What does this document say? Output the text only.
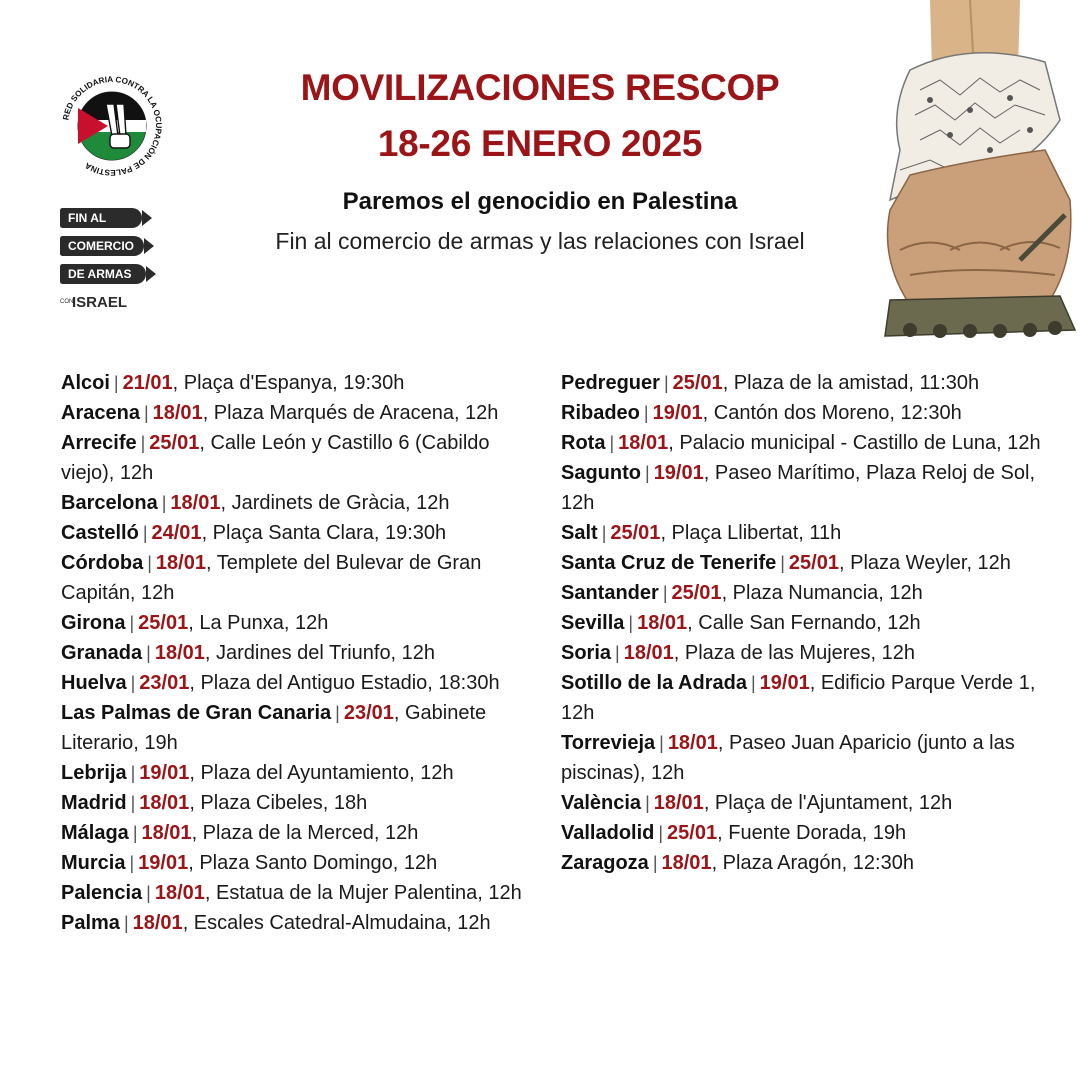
RED SOLIDARIA CONTRA LA OCUPACIÓN DE PALESTINA
FIN AL
COMERCIO
DE ARMAS
CON
ISRAEL
MOVILIZACIONES RESCOP
18-26 ENERO 2025
Paremos el genocidio en Palestina
Fin al comercio de armas y las relaciones con Israel
Alcoi | 21/01, Plaça d'Espanya, 19:30h
Aracena | 18/01, Plaza Marqués de Aracena, 12h
Arrecife | 25/01, Calle León y Castillo 6 (Cabildo viejo), 12h
Barcelona | 18/01, Jardinets de Gràcia, 12h
Castelló | 24/01, Plaça Santa Clara, 19:30h
Córdoba | 18/01, Templete del Bulevar de Gran Capitán, 12h
Girona | 25/01, La Punxa, 12h
Granada | 18/01, Jardines del Triunfo, 12h
Huelva | 23/01, Plaza del Antiguo Estadio, 18:30h
Las Palmas de Gran Canaria | 23/01, Gabinete Literario, 19h
Lebrija | 19/01, Plaza del Ayuntamiento, 12h
Madrid | 18/01, Plaza Cibeles, 18h
Málaga | 18/01, Plaza de la Merced, 12h
Murcia | 19/01, Plaza Santo Domingo, 12h
Palencia | 18/01, Estatua de la Mujer Palentina, 12h
Palma | 18/01, Escales Catedral-Almudaina, 12h
Pedreguer | 25/01, Plaza de la amistad, 11:30h
Ribadeo | 19/01, Cantón dos Moreno, 12:30h
Rota | 18/01, Palacio municipal - Castillo de Luna, 12h
Sagunto | 19/01, Paseo Marítimo, Plaza Reloj de Sol, 12h
Salt | 25/01, Plaça Llibertat, 11h
Santa Cruz de Tenerife | 25/01, Plaza Weyler, 12h
Santander | 25/01, Plaza Numancia, 12h
Sevilla | 18/01, Calle San Fernando, 12h
Soria | 18/01, Plaza de las Mujeres, 12h
Sotillo de la Adrada | 19/01, Edificio Parque Verde 1, 12h
Torrevieja | 18/01, Paseo Juan Aparicio (junto a las piscinas), 12h
València | 18/01, Plaça de l'Ajuntament, 12h
Valladolid | 25/01, Fuente Dorada, 19h
Zaragoza | 18/01, Plaza Aragón, 12:30h
